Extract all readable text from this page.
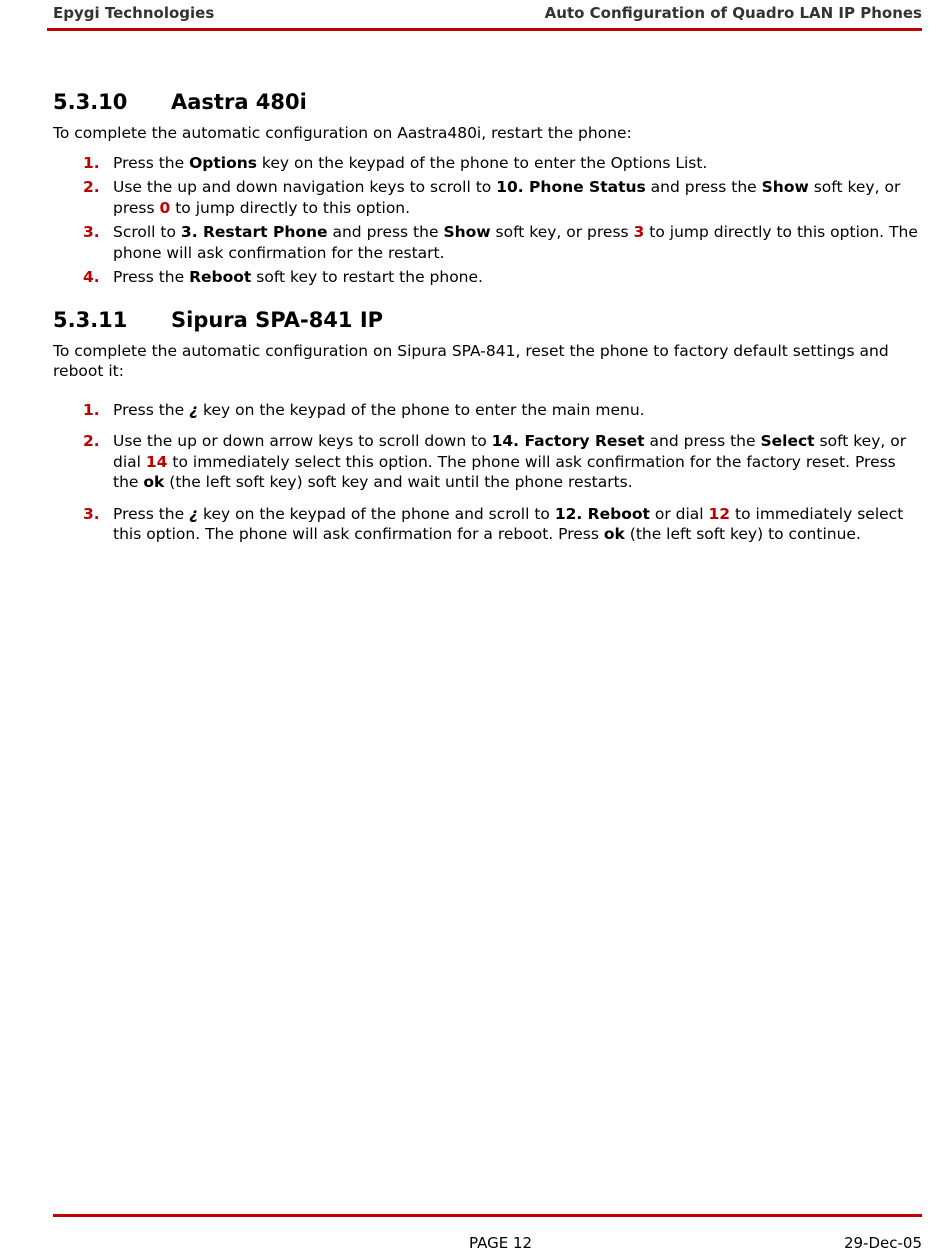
Epygi Technologies	Auto Configuration of Quadro LAN IP Phones
5.3.10	Aastra 480i

To complete the automatic configuration on Aastra480i, restart the phone:

1. Press the Options key on the keypad of the phone to enter the Options List.
2. Use the up and down navigation keys to scroll to 10. Phone Status and press the Show soft key, or press 0 to jump directly to this option.
3. Scroll to 3. Restart Phone and press the Show soft key, or press 3 to jump directly to this option. The phone will ask confirmation for the restart.
4. Press the Reboot soft key to restart the phone.
5.3.11	Sipura SPA-841 IP

To complete the automatic configuration on Sipura SPA-841, reset the phone to factory default settings and reboot it:

1. Press the ¿ key on the keypad of the phone to enter the main menu.
2. Use the up or down arrow keys to scroll down to 14. Factory Reset and press the Select soft key, or dial 14 to immediately select this option. The phone will ask confirmation for the factory reset. Press the ok (the left soft key) soft key and wait until the phone restarts.
3. Press the ¿ key on the keypad of the phone and scroll to 12. Reboot or dial 12 to immediately select this option. The phone will ask confirmation for a reboot. Press ok (the left soft key) to continue.
PAGE 12	29-Dec-05
